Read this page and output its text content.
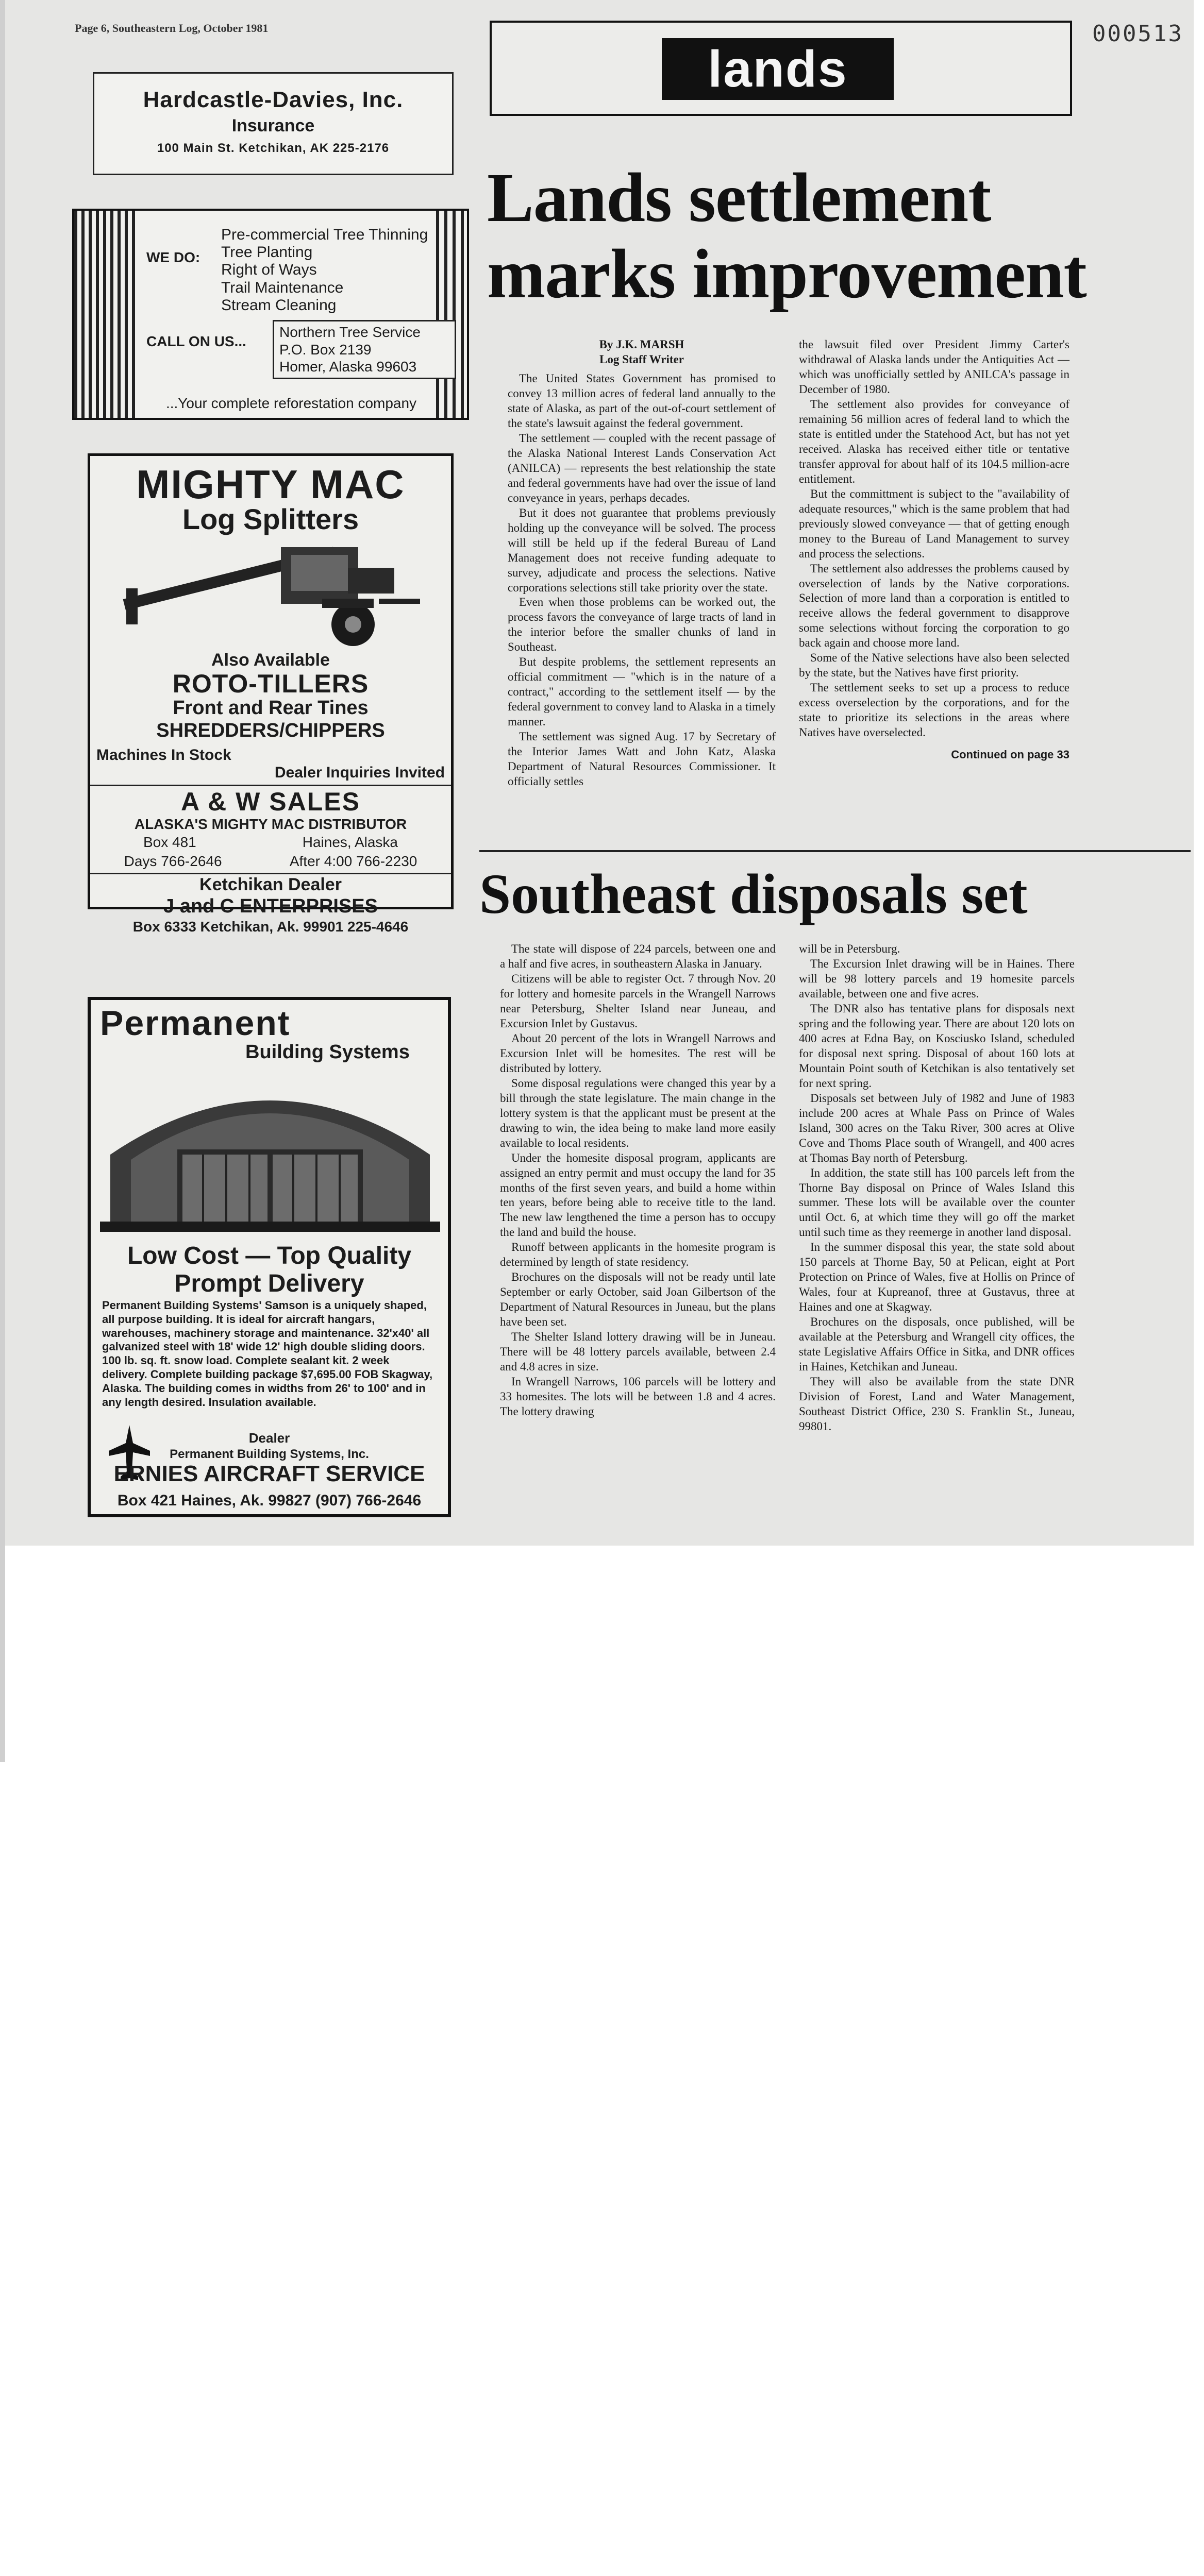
Page 6, Southeastern Log, October 1981	000513
lands
Lands settlement marks improvement
By J.K. MARSH
Log Staff Writer

The United States Government has promised to convey 13 million acres of federal land annually to the state of Alaska, as part of the out-of-court settlement of the state's lawsuit against the federal government.

The settlement — coupled with the recent passage of the Alaska National Interest Lands Conservation Act (ANILCA) — represents the best relationship the state and federal governments have had over the issue of land conveyance in years, perhaps decades.

But it does not guarantee that problems previously holding up the conveyance will be solved. The process will still be held up if the federal Bureau of Land Management does not receive funding adequate to survey, adjudicate and process the selections. Native corporations selections still take priority over the state.

Even when those problems can be worked out, the process favors the conveyance of large tracts of land in the interior before the smaller chunks of land in Southeast.

But despite problems, the settlement represents an official commitment — "which is in the nature of a contract," according to the settlement itself — by the federal government to convey land to Alaska in a timely manner.

The settlement was signed Aug. 17 by Secretary of the Interior James Watt and John Katz, Alaska Department of Natural Resources Commissioner. It officially settles

the lawsuit filed over President Jimmy Carter's withdrawal of Alaska lands under the Antiquities Act — which was unofficially settled by ANILCA's passage in December of 1980.

The settlement also provides for conveyance of remaining 56 million acres of federal land to which the state is entitled under the Statehood Act, but has not yet received. Alaska has received either title or tentative transfer approval for about half of its 104.5 million-acre entitlement.

But the committment is subject to the "availability of adequate resources," which is the same problem that had previously slowed conveyance — that of getting enough money to the Bureau of Land Management to survey and process the selections.

The settlement also addresses the problems caused by overselection of lands by the Native corporations. Selection of more land than a corporation is entitled to receive allows the federal government to disapprove some selections without forcing the corporation to go back again and choose more land.

Some of the Native selections have also been selected by the state, but the Natives have first priority.

The settlement seeks to set up a process to reduce excess overselection by the corporations, and for the state to prioritize its selections in the areas where Natives have overselected.

Continued on page 33
Southeast disposals set

The state will dispose of 224 parcels, between one and a half and five acres, in southeastern Alaska in January.

Citizens will be able to register Oct. 7 through Nov. 20 for lottery and homesite parcels in the Wrangell Narrows near Petersburg, Shelter Island near Juneau, and Excursion Inlet by Gustavus.

About 20 percent of the lots in Wrangell Narrows and Excursion Inlet will be homesites. The rest will be distributed by lottery.

Some disposal regulations were changed this year by a bill through the state legislature. The main change in the lottery system is that the applicant must be present at the drawing to win, the idea being to make land more easily available to local residents.

Under the homesite disposal program, applicants are assigned an entry permit and must occupy the land for 35 months of the first seven years, and build a home within ten years, before being able to receive title to the land. The new law lengthened the time a person has to occupy the land and build the house.

Runoff between applicants in the homesite program is determined by length of state residency.

Brochures on the disposals will not be ready until late September or early October, said Joan Gilbertson of the Department of Natural Resources in Juneau, but the plans have been set.

The Shelter Island lottery drawing will be in Juneau. There will be 48 lottery parcels available, between 2.4 and 4.8 acres in size.

In Wrangell Narrows, 106 parcels will be lottery and 33 homesites. The lots will be between 1.8 and 4 acres. The lottery drawing

will be in Petersburg.

The Excursion Inlet drawing will be in Haines. There will be 98 lottery parcels and 19 homesite parcels available, between one and five acres.

The DNR also has tentative plans for disposals next spring and the following year. There are about 120 lots on 400 acres at Edna Bay, on Kosciusko Island, scheduled for disposal next spring. Disposal of about 160 lots at Mountain Point south of Ketchikan is also tentatively set for next spring.

Disposals set between July of 1982 and June of 1983 include 200 acres at Whale Pass on Prince of Wales Island, 300 acres on the Taku River, 300 acres at Olive Cove and Thoms Place south of Wrangell, and 400 acres at Thomas Bay north of Petersburg.

In addition, the state still has 100 parcels left from the Thorne Bay disposal on Prince of Wales Island this summer. These lots will be available over the counter until Oct. 6, at which time they will go off the market until such time as they reemerge in another land disposal.

In the summer disposal this year, the state sold about 150 parcels at Thorne Bay, 50 at Pelican, eight at Port Protection on Prince of Wales, five at Hollis on Prince of Wales, four at Kupreanof, three at Gustavus, three at Haines and one at Skagway.

Brochures on the disposals, once published, will be available at the Petersburg and Wrangell city offices, the state Legislative Affairs Office in Sitka, and DNR offices in Haines, Ketchikan and Juneau.

They will also be available from the state DNR Division of Forest, Land and Water Management, Southeast District Office, 230 S. Franklin St., Juneau, 99801.

Hardcastle-Davies, Inc.
Insurance
100 Main St. Ketchikan, AK 225-2176
WE DO:
Pre-commercial Tree Thinning
Tree Planting
Right of Ways
Trail Maintenance
Stream Cleaning
CALL ON US...
Northern Tree Service
P.O. Box 2139
Homer, Alaska 99603
...Your complete reforestation company
MIGHTY MAC
Log Splitters
Also Available
ROTO-TILLERS
Front and Rear Tines
SHREDDERS/CHIPPERS
Machines In Stock
Dealer Inquiries Invited
A & W SALES
ALASKA'S MIGHTY MAC DISTRIBUTOR
Box 481	Haines, Alaska
Days 766-2646	After 4:00 766-2230
Ketchikan Dealer
J and C ENTERPRISES
Box 6333 Ketchikan, Ak. 99901 225-4646
Permanent
Building Systems
Low Cost — Top Quality
Prompt Delivery
Permanent Building Systems' Samson is a uniquely shaped, all purpose building. It is ideal for aircraft hangars, warehouses, machinery storage and maintenance. 32'x40' all galvanized steel with 18' wide 12' high double sliding doors. 100 lb. sq. ft. snow load. Complete sealant kit. 2 week delivery. Complete building package $7,695.00 FOB Skagway, Alaska. The building comes in widths from 26' to 100' and in any length desired. Insulation available.
Dealer
Permanent Building Systems, Inc.
ERNIES AIRCRAFT SERVICE
Box 421 Haines, Ak. 99827 (907) 766-2646
